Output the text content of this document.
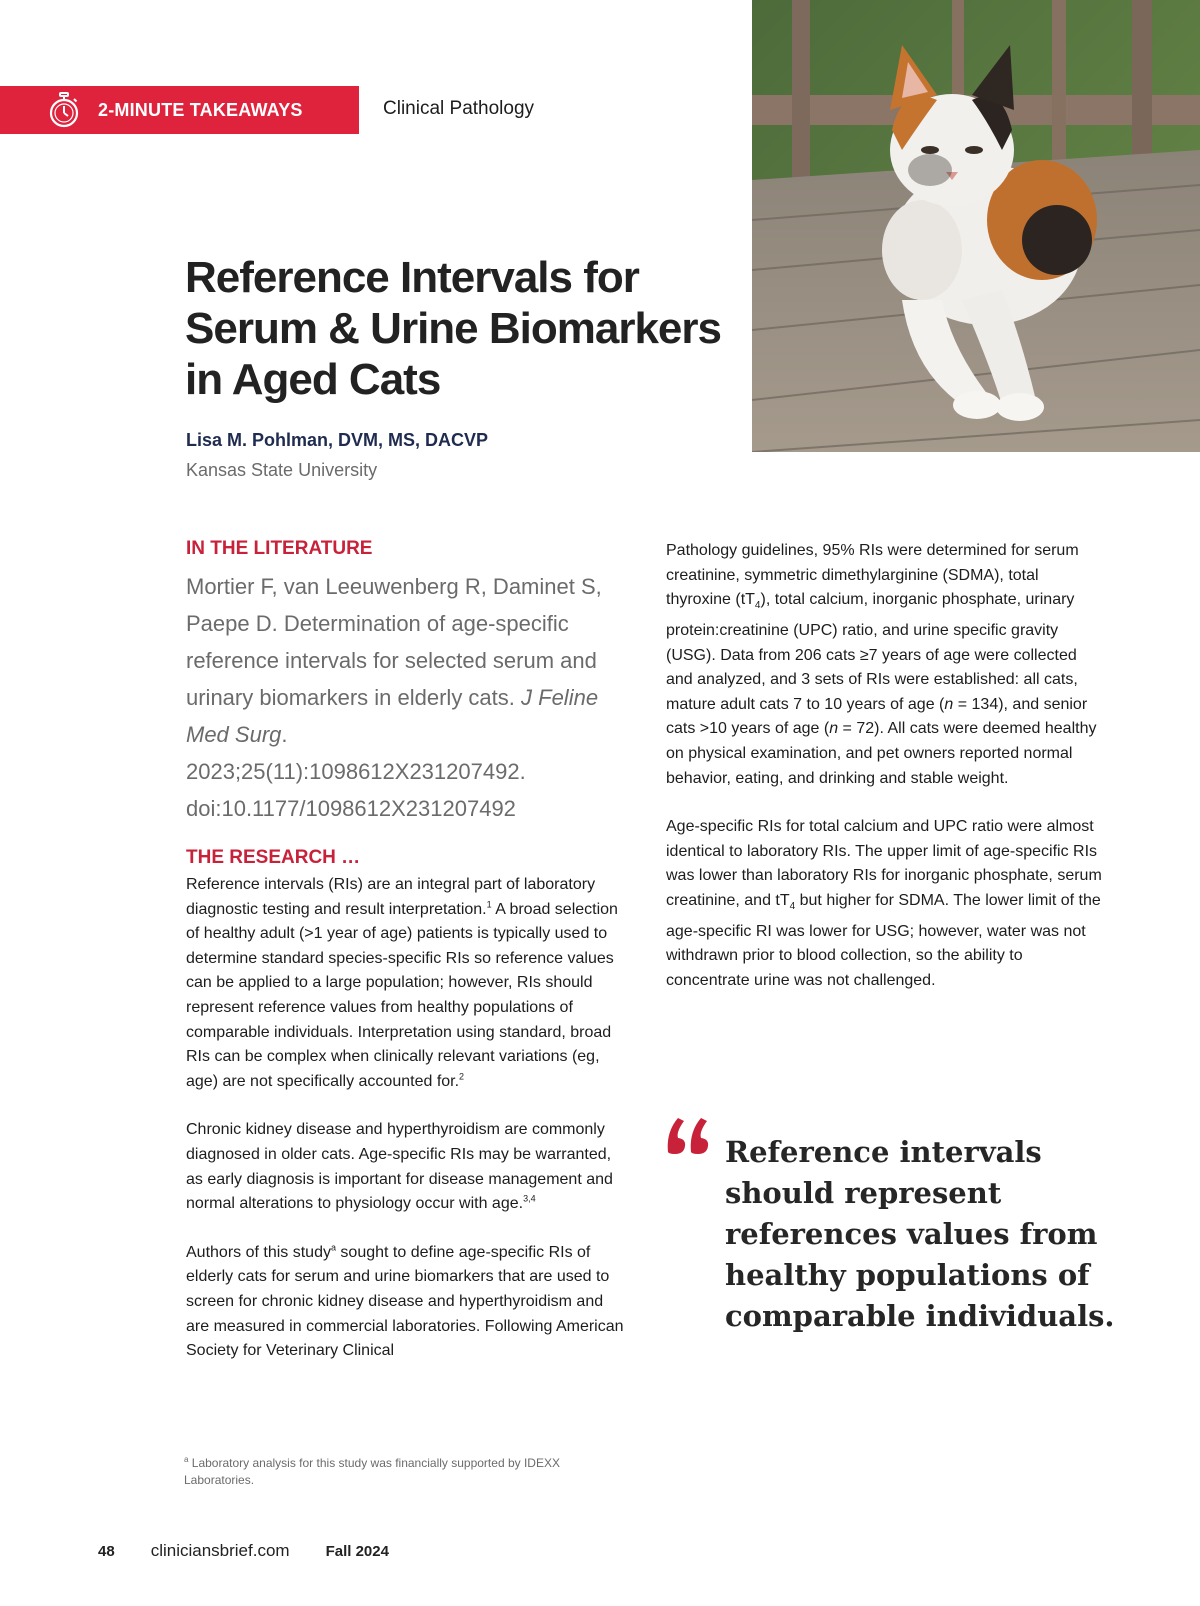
2-MINUTE TAKEAWAYS	Clinical Pathology
Reference Intervals for Serum & Urine Biomarkers in Aged Cats
Lisa M. Pohlman, DVM, MS, DACVP
Kansas State University
IN THE LITERATURE

Mortier F, van Leeuwenberg R, Daminet S, Paepe D. Determination of age-specific reference intervals for selected serum and urinary biomarkers in elderly cats. J Feline Med Surg. 2023;25(11):1098612X231207492. doi:10.1177/1098612X231207492

THE RESEARCH …

Reference intervals (RIs) are an integral part of laboratory diagnostic testing and result interpretation.$^1$ A broad selection of healthy adult (>1 year of age) patients is typically used to determine standard species-specific RIs so reference values can be applied to a large population; however, RIs should represent reference values from healthy populations of comparable individuals. Interpretation using standard, broad RIs can be complex when clinically relevant variations (eg, age) are not specifically accounted for.$^2$

Chronic kidney disease and hyperthyroidism are commonly diagnosed in older cats. Age-specific RIs may be warranted, as early diagnosis is important for disease management and normal alterations to physiology occur with age.$^{3,4}$

Authors of this study$^a$ sought to define age-specific RIs of elderly cats for serum and urine biomarkers that are used to screen for chronic kidney disease and hyperthyroidism and are measured in commercial laboratories. Following American Society for Veterinary Clinical

Pathology guidelines, 95% RIs were determined for serum creatinine, symmetric dimethylarginine (SDMA), total thyroxine $(tT_4)$, total calcium, inorganic phosphate, urinary protein:creatinine (UPC) ratio, and urine specific gravity (USG). Data from 206 cats ≥7 years of age were collected and analyzed, and 3 sets of RIs were established: all cats, mature adult cats 7 to 10 years of age (n = 134), and senior cats >10 years of age (n = 72). All cats were deemed healthy on physical examination, and pet owners reported normal behavior, eating, and drinking and stable weight.

Age-specific RIs for total calcium and UPC ratio were almost identical to laboratory RIs. The upper limit of age-specific RIs was lower than laboratory RIs for inorganic phosphate, serum creatinine, and $tT_4$ but higher for SDMA. The lower limit of the age-specific RI was lower for USG; however, water was not withdrawn prior to blood collection, so the ability to concentrate urine was not challenged.

Reference intervals should represent references values from healthy populations of comparable individuals.

$^a$ Laboratory analysis for this study was financially supported by IDEXX Laboratories.
48 cliniciansbrief.com Fall 2024
